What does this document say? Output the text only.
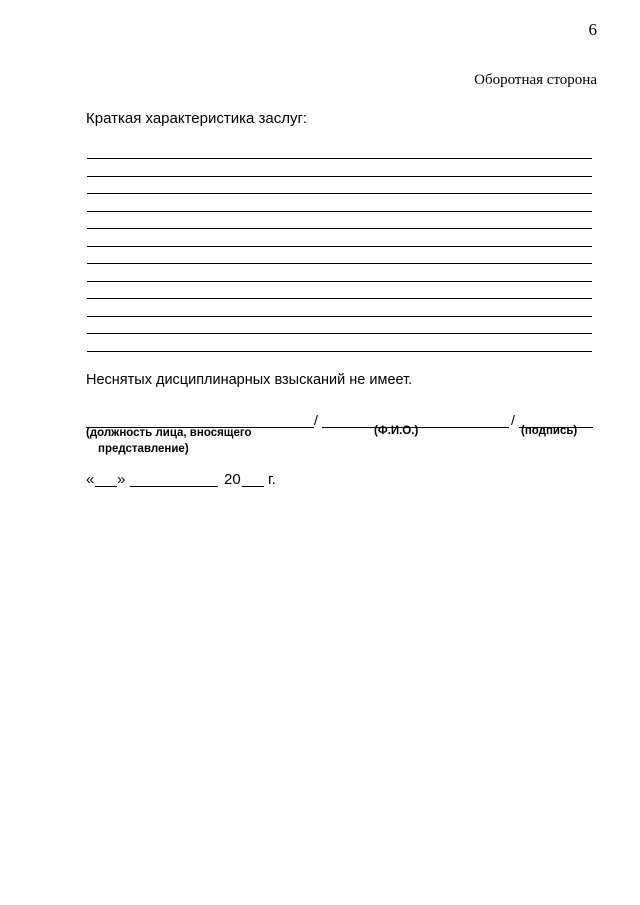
6
Оборотная сторона
Краткая характеристика заслуг:
Неснятых дисциплинарных взысканий не имеет.
/	/
(должность лица, вносящего
представление)
(Ф.И.О.)	(подпись)
« »	20 г.
